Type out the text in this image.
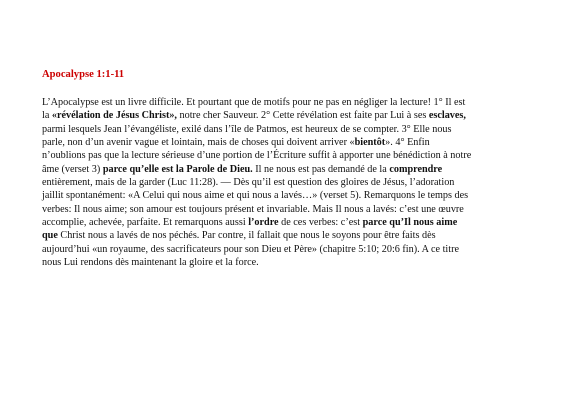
Apocalypse 1:1-11
L’Apocalypse est un livre difficile. Et pourtant que de motifs pour ne pas en négliger la lecture! 1° Il est
la «révélation de Jésus Christ», notre cher Sauveur. 2° Cette révélation est faite par Lui à ses esclaves,
parmi lesquels Jean l’évangéliste, exilé dans l’île de Patmos, est heureux de se compter. 3° Elle nous
parle, non d’un avenir vague et lointain, mais de choses qui doivent arriver «bientôt». 4° Enfin
n’oublions pas que la lecture sérieuse d’une portion de l’Écriture suffit à apporter une bénédiction à notre
âme (verset 3) parce qu’elle est la Parole de Dieu. Il ne nous est pas demandé de la comprendre
entièrement, mais de la garder (Luc 11:28). — Dès qu’il est question des gloires de Jésus, l’adoration
jaillit spontanément: «A Celui qui nous aime et qui nous a lavés…» (verset 5). Remarquons le temps des
verbes: Il nous aime; son amour est toujours présent et invariable. Mais Il nous a lavés: c’est une œuvre
accomplie, achevée, parfaite. Et remarquons aussi l’ordre de ces verbes: c’est parce qu’Il nous aime
que Christ nous a lavés de nos péchés. Par contre, il fallait que nous le soyons pour être faits dès
aujourd’hui «un royaume, des sacrificateurs pour son Dieu et Père» (chapitre 5:10; 20:6 fin). A ce titre
nous Lui rendons dès maintenant la gloire et la force.
